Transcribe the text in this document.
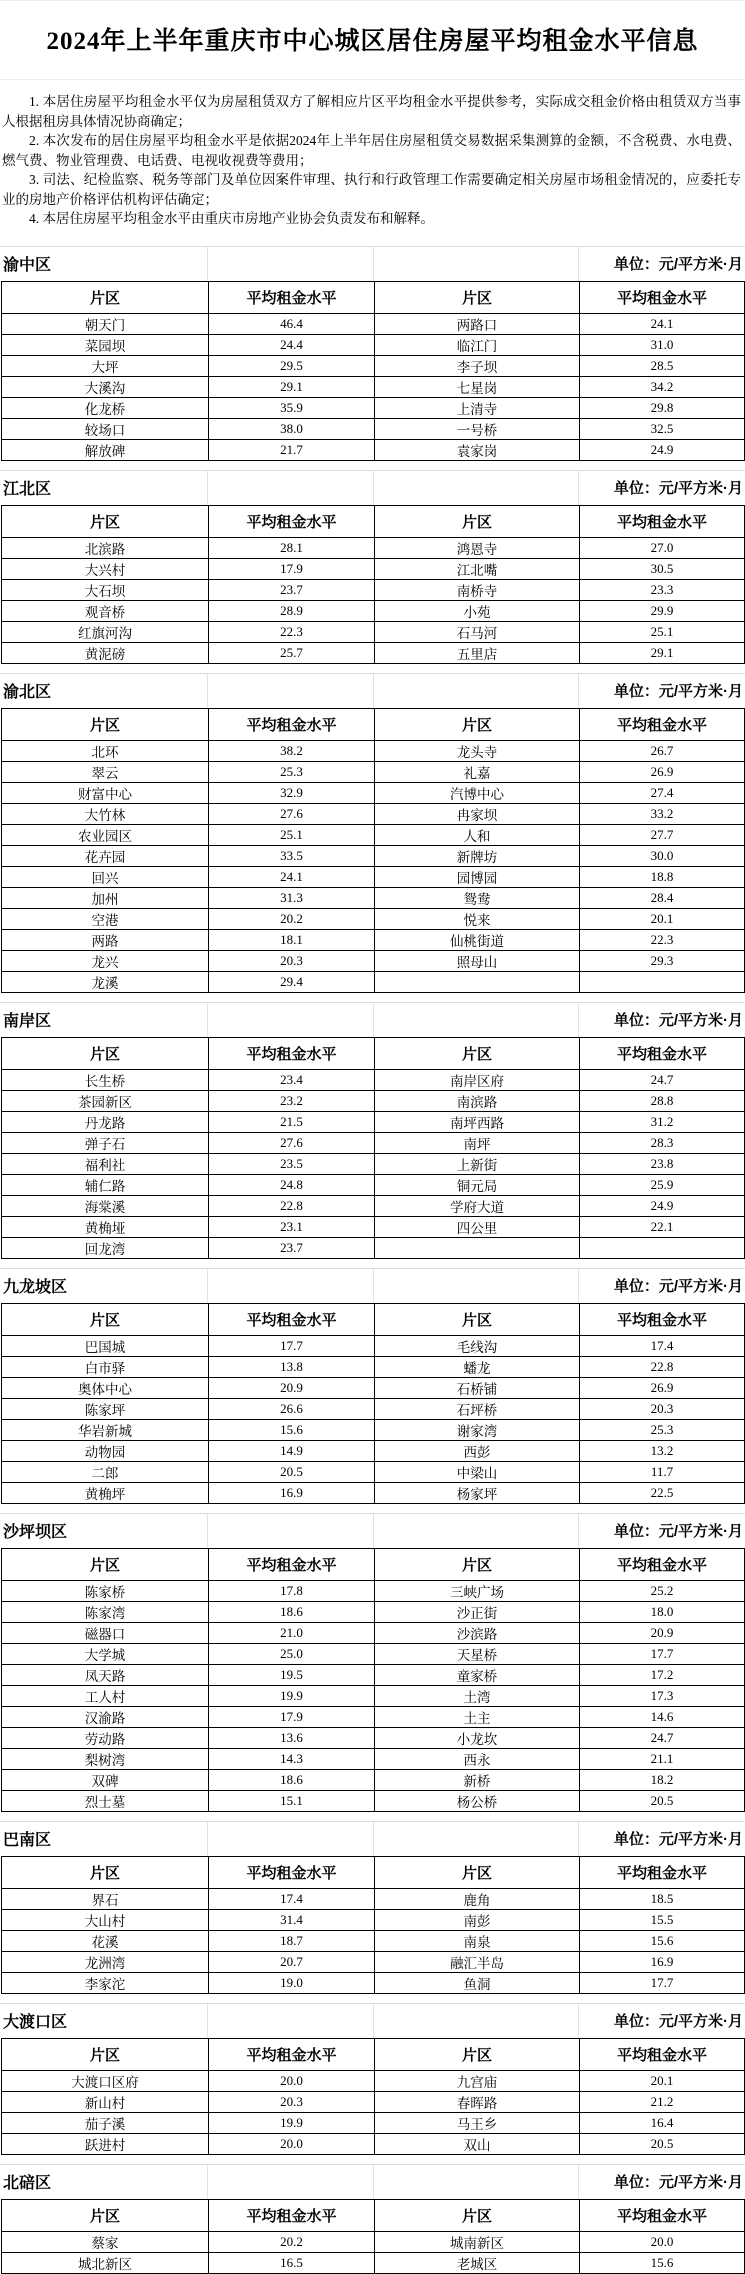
2024年上半年重庆市中心城区居住房屋平均租金水平信息

1. 本居住房屋平均租金水平仅为房屋租赁双方了解相应片区平均租金水平提供参考，实际成交租金价格由租赁双方当事人根据租房具体情况协商确定；

2. 本次发布的居住房屋平均租金水平是依据2024年上半年居住房屋租赁交易数据采集测算的金额，不含税费、水电费、燃气费、物业管理费、电话费、电视收视费等费用；

3. 司法、纪检监察、税务等部门及单位因案件审理、执行和行政管理工作需要确定相关房屋市场租金情况的，应委托专业的房地产价格评估机构评估确定；

4. 本居住房屋平均租金水平由重庆市房地产业协会负责发布和解释。

渝中区	单位：元/平方米·月
片区	平均租金水平	片区	平均租金水平
朝天门	46.4	两路口	24.1
菜园坝	24.4	临江门	31.0
大坪	29.5	李子坝	28.5
大溪沟	29.1	七星岗	34.2
化龙桥	35.9	上清寺	29.8
较场口	38.0	一号桥	32.5
解放碑	21.7	袁家岗	24.9
江北区	单位：元/平方米·月
片区	平均租金水平	片区	平均租金水平
北滨路	28.1	鸿恩寺	27.0
大兴村	17.9	江北嘴	30.5
大石坝	23.7	南桥寺	23.3
观音桥	28.9	小苑	29.9
红旗河沟	22.3	石马河	25.1
黄泥磅	25.7	五里店	29.1
渝北区	单位：元/平方米·月
片区	平均租金水平	片区	平均租金水平
北环	38.2	龙头寺	26.7
翠云	25.3	礼嘉	26.9
财富中心	32.9	汽博中心	27.4
大竹林	27.6	冉家坝	33.2
农业园区	25.1	人和	27.7
花卉园	33.5	新牌坊	30.0
回兴	24.1	园博园	18.8
加州	31.3	鸳鸯	28.4
空港	20.2	悦来	20.1
两路	18.1	仙桃街道	22.3
龙兴	20.3	照母山	29.3
龙溪	29.4		
南岸区	单位：元/平方米·月
片区	平均租金水平	片区	平均租金水平
长生桥	23.4	南岸区府	24.7
茶园新区	23.2	南滨路	28.8
丹龙路	21.5	南坪西路	31.2
弹子石	27.6	南坪	28.3
福利社	23.5	上新街	23.8
辅仁路	24.8	铜元局	25.9
海棠溪	22.8	学府大道	24.9
黄桷垭	23.1	四公里	22.1
回龙湾	23.7		
九龙坡区	单位：元/平方米·月
片区	平均租金水平	片区	平均租金水平
巴国城	17.7	毛线沟	17.4
白市驿	13.8	蟠龙	22.8
奥体中心	20.9	石桥铺	26.9
陈家坪	26.6	石坪桥	20.3
华岩新城	15.6	谢家湾	25.3
动物园	14.9	西彭	13.2
二郎	20.5	中梁山	11.7
黄桷坪	16.9	杨家坪	22.5
沙坪坝区	单位：元/平方米·月
片区	平均租金水平	片区	平均租金水平
陈家桥	17.8	三峡广场	25.2
陈家湾	18.6	沙正街	18.0
磁器口	21.0	沙滨路	20.9
大学城	25.0	天星桥	17.7
凤天路	19.5	童家桥	17.2
工人村	19.9	土湾	17.3
汉渝路	17.9	土主	14.6
劳动路	13.6	小龙坎	24.7
梨树湾	14.3	西永	21.1
双碑	18.6	新桥	18.2
烈士墓	15.1	杨公桥	20.5
巴南区	单位：元/平方米·月
片区	平均租金水平	片区	平均租金水平
界石	17.4	鹿角	18.5
大山村	31.4	南彭	15.5
花溪	18.7	南泉	15.6
龙洲湾	20.7	融汇半岛	16.9
李家沱	19.0	鱼洞	17.7
大渡口区	单位：元/平方米·月
片区	平均租金水平	片区	平均租金水平
大渡口区府	20.0	九宫庙	20.1
新山村	20.3	春晖路	21.2
茄子溪	19.9	马王乡	16.4
跃进村	20.0	双山	20.5
北碚区	单位：元/平方米·月
片区	平均租金水平	片区	平均租金水平
蔡家	20.2	城南新区	20.0
城北新区	16.5	老城区	15.6
